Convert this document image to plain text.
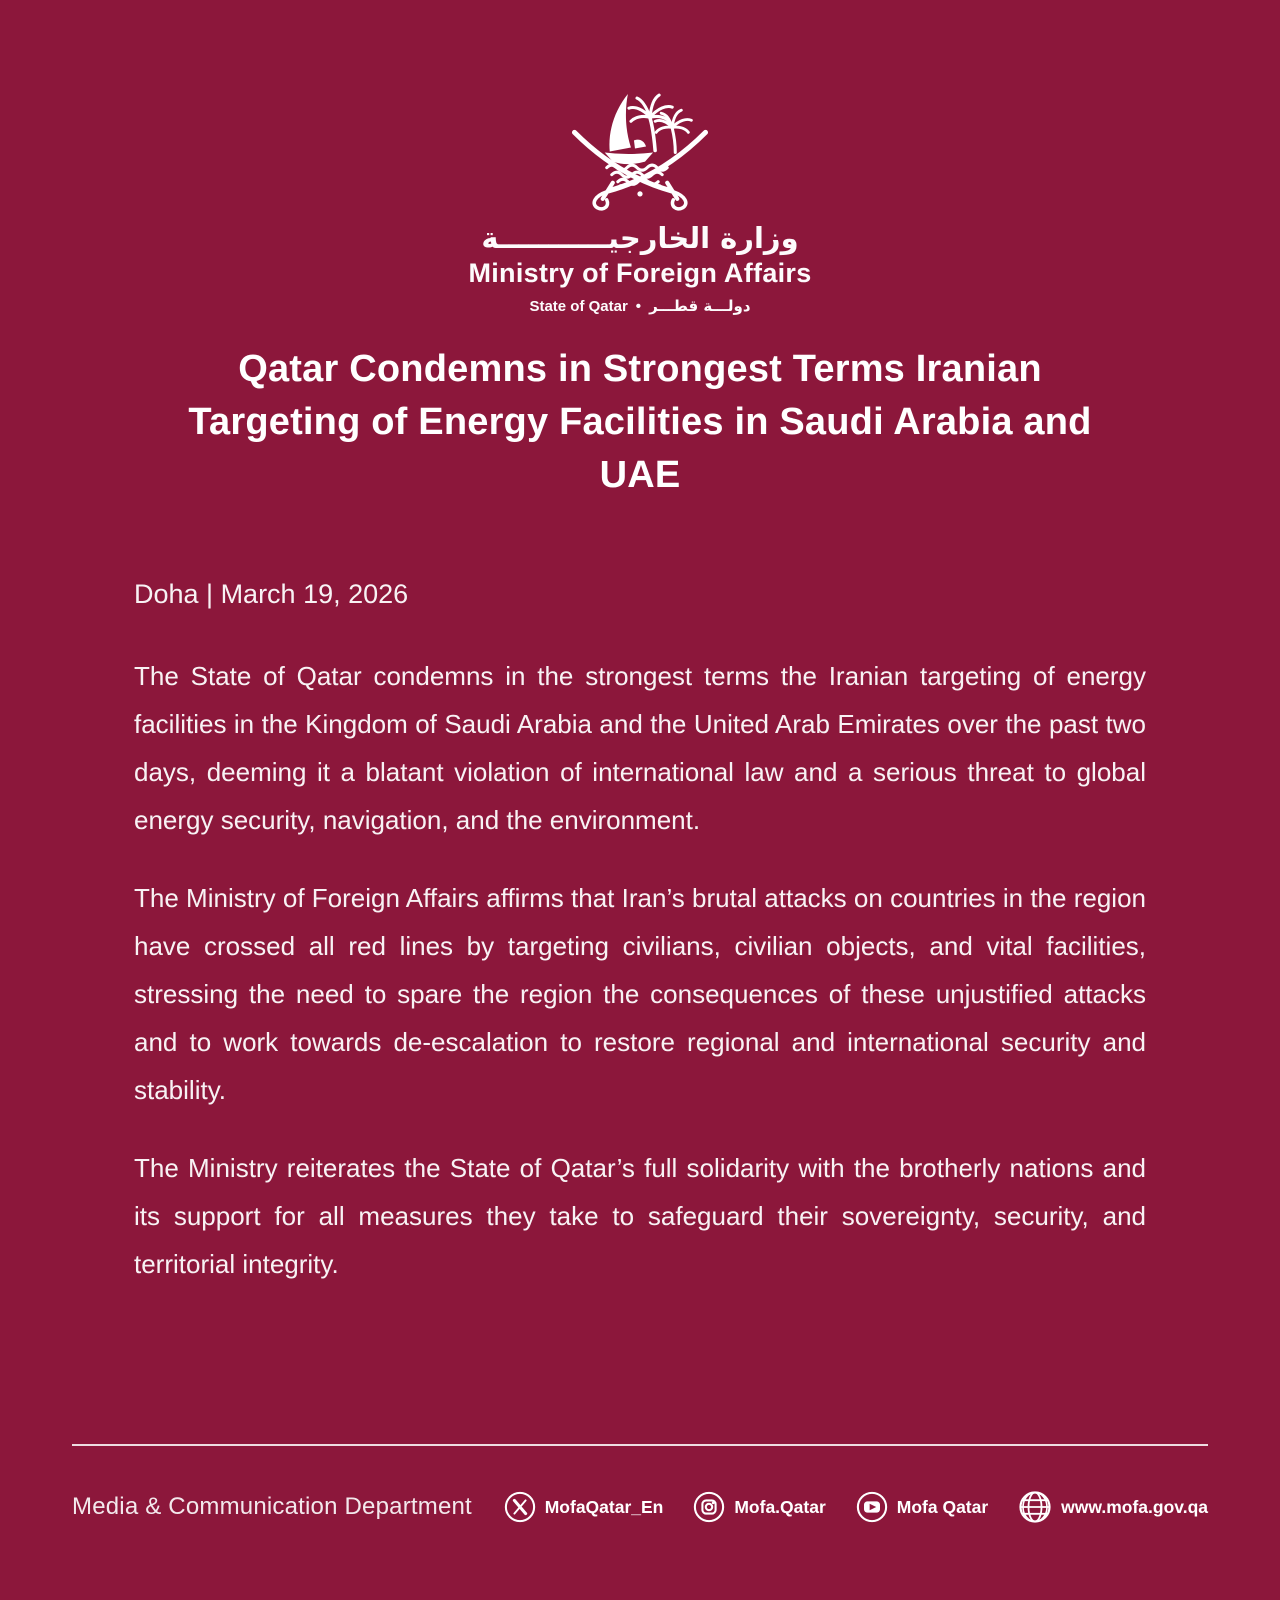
وزارة الخارجيـــــــــــة
Ministry of Foreign Affairs
State of Qatar • دولـــة قطـــر
Qatar Condemns in Strongest Terms Iranian Targeting of Energy Facilities in Saudi Arabia and UAE

Doha | March 19, 2026

The State of Qatar condemns in the strongest terms the Iranian targeting of energy facilities in the Kingdom of Saudi Arabia and the United Arab Emirates over the past two days, deeming it a blatant violation of international law and a serious threat to global energy security, navigation, and the environment.

The Ministry of Foreign Affairs affirms that Iran’s brutal attacks on countries in the region have crossed all red lines by targeting civilians, civilian objects, and vital facilities, stressing the need to spare the region the consequences of these unjustified attacks and to work towards de-escalation to restore regional and international security and stability.

The Ministry reiterates the State of Qatar’s full solidarity with the brotherly nations and its support for all measures they take to safeguard their sovereignty, security, and territorial integrity.

Media & Communication Department	MofaQatar_En	Mofa.Qatar	Mofa Qatar	www.mofa.gov.qa
